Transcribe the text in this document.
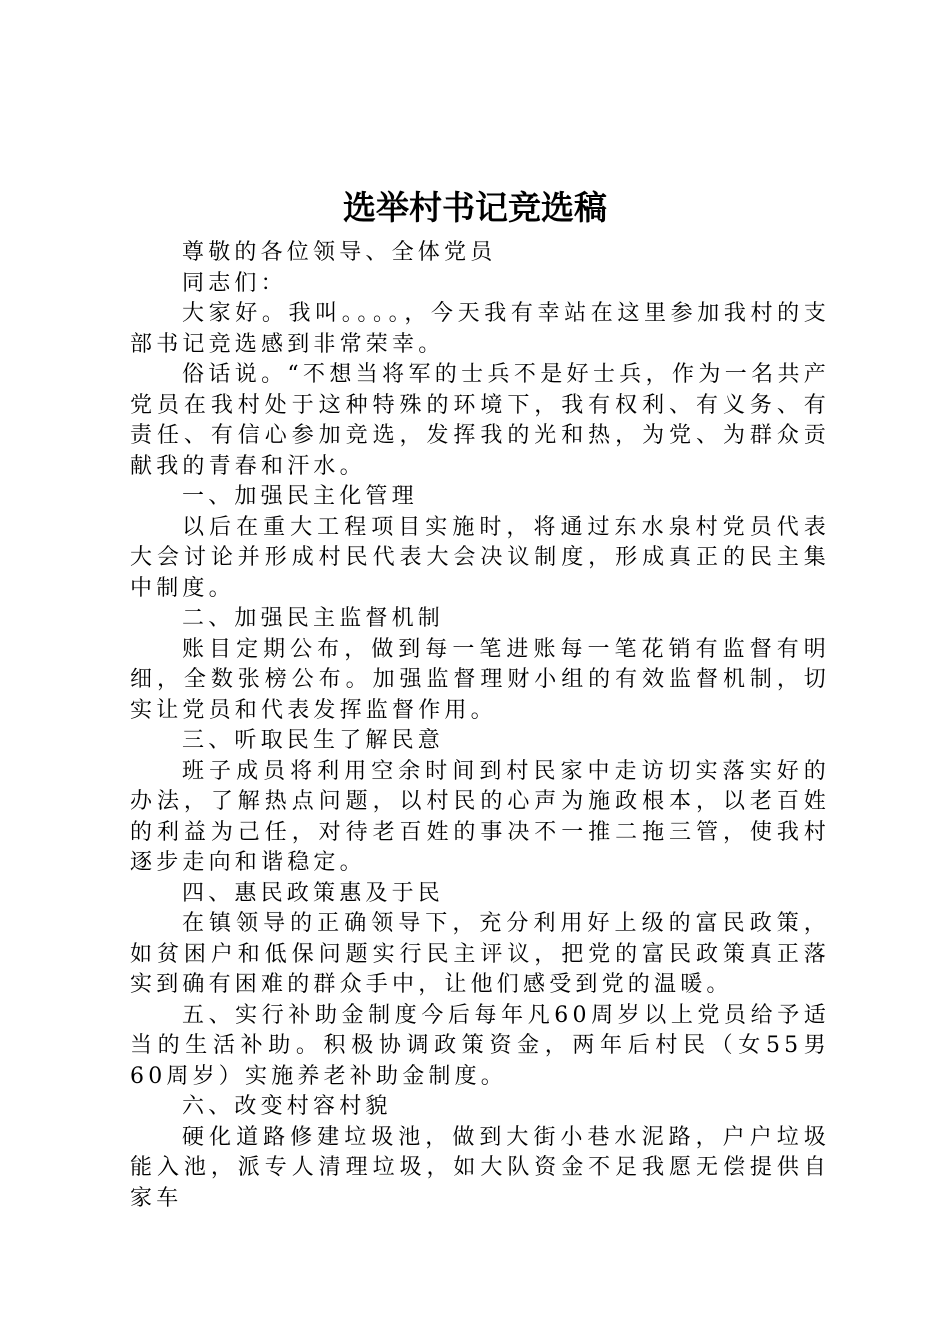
选举村书记竞选稿

尊敬的各位领导、全体党员

同志们：

大家好。我叫。。。。，今天我有幸站在这里参加我村的支部书记竞选感到非常荣幸。

俗话说。“不想当将军的士兵不是好士兵，作为一名共产党员在我村处于这种特殊的环境下，我有权利、有义务、有责任、有信心参加竞选，发挥我的光和热，为党、为群众贡献我的青春和汗水。

一、加强民主化管理

以后在重大工程项目实施时，将通过东水泉村党员代表大会讨论并形成村民代表大会决议制度，形成真正的民主集中制度。

二、加强民主监督机制

账目定期公布，做到每一笔进账每一笔花销有监督有明细，全数张榜公布。加强监督理财小组的有效监督机制，切实让党员和代表发挥监督作用。

三、听取民生了解民意

班子成员将利用空余时间到村民家中走访切实落实好的办法，了解热点问题，以村民的心声为施政根本，以老百姓的利益为己任，对待老百姓的事决不一推二拖三管，使我村逐步走向和谐稳定。

四、惠民政策惠及于民

在镇领导的正确领导下，充分利用好上级的富民政策，如贫困户和低保问题实行民主评议，把党的富民政策真正落实到确有困难的群众手中，让他们感受到党的温暖。

五、实行补助金制度今后每年凡60周岁以上党员给予适当的生活补助。积极协调政策资金，两年后村民（女55男60周岁）实施养老补助金制度。

六、改变村容村貌

硬化道路修建垃圾池，做到大街小巷水泥路，户户垃圾能入池，派专人清理垃圾，如大队资金不足我愿无偿提供自家车
